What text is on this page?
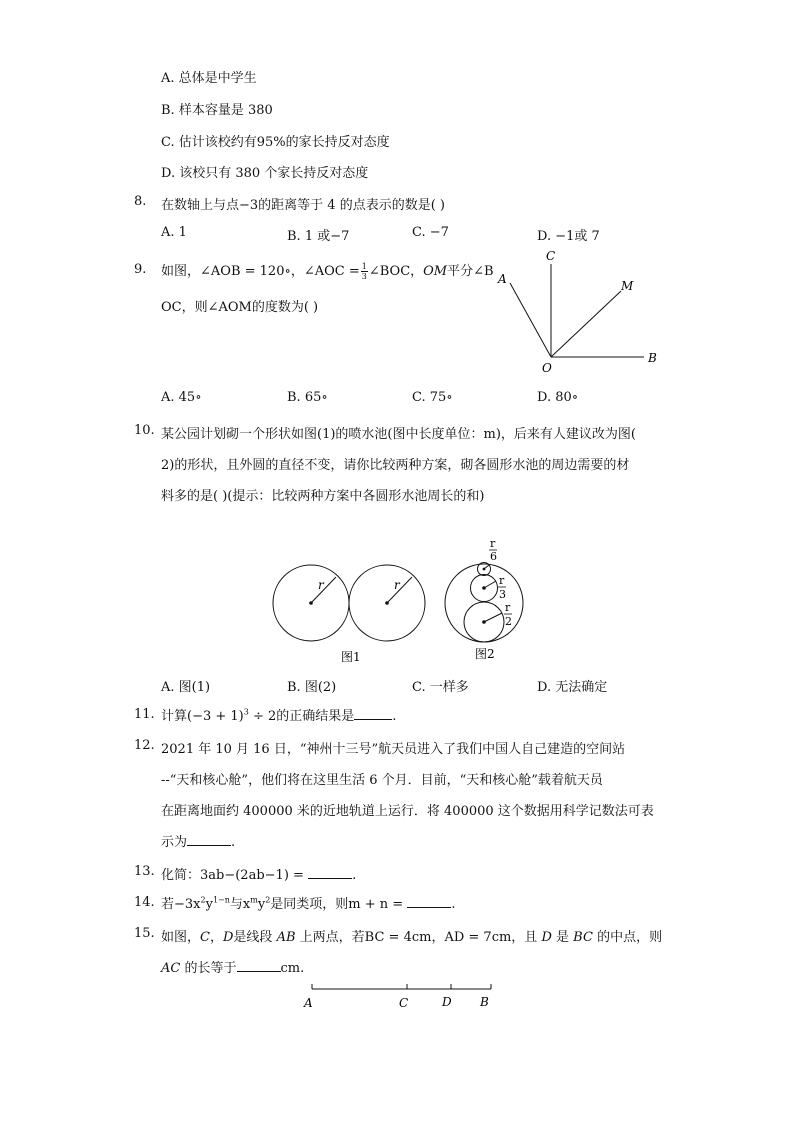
A. 总体是中学生
B. 样本容量是 380
C. 估计该校约有95%的家长持反对态度
D. 该校只有 380 个家长持反对态度
8. 在数轴上与点−3的距离等于 4 的点表示的数是( )
A. 1	B. 1 或−7	C. −7	D. −1或 7
9. 如图，∠AOB = 120∘，∠AOC = $\frac{1}{3}$ ∠BOC，OM平分∠B
OC，则∠AOM的度数为( )
A
C
M
O
B
A. 45∘	B. 65∘	C. 75∘	D. 80∘
10. 某公园计划砌一个形状如图(1)的喷水池(图中长度单位：m)，后来有人建议改为图(
2)的形状，且外圆的直径不变，请你比较两种方案，砌各圆形水池的周边需要的材
料多的是( )(提示：比较两种方案中各圆形水池周长的和)
r	r
图1
r
6
r
3
r
2
图2
A. 图(1)	B. 图(2)	C. 一样多	D. 无法确定
11. 计算$(-3 + 1)^3 \div 2$的正确结果是	.
12. 2021 年 10 月 16 日，“神州十三号”航天员进入了我们中国人自己建造的空间站
--“天和核心舱”，他们将在这里生活 6 个月．目前，“天和核心舱”载着航天员
在距离地面约 400000 米的近地轨道上运行．将 400000 这个数据用科学记数法可表
示为	.
13. 化简：3ab−(2ab−1) =	.
14. 若$-3x^2y^{1-n}$与$x^my^2$是同类项，则m + n =	.
15. 如图，C，D是线段 AB 上两点，若BC = 4cm，AD = 7cm，且 D 是 BC 的中点，则
AC 的长等于	cm.
A	C	D B
